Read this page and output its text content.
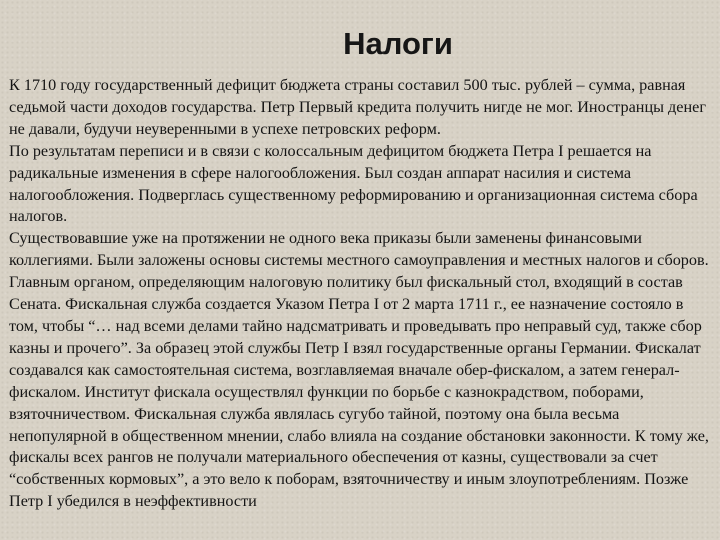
Налоги

К 1710 году государственный дефицит бюджета страны составил 500 тыс. рублей – сумма, равная седьмой части доходов государства. Петр Первый кредита получить нигде не мог. Иностранцы денег не давали, будучи неуверенными в успехе петровских реформ.

По результатам переписи и в связи с колоссальным дефицитом бюджета Петра I решается на радикальные изменения в сфере налогообложения. Был создан аппарат насилия и система налогообложения. Подверглась существенному реформированию и организационная система сбора налогов.

Существовавшие уже на протяжении не одного века приказы были заменены финансовыми коллегиями. Были заложены основы системы местного самоуправления и местных налогов и сборов. Главным органом, определяющим налоговую политику был фискальный стол, входящий в состав Сената. Фискальная служба создается Указом Петра I от 2 марта 1711 г., ее назначение состояло в том, чтобы “… над всеми делами тайно надсматривать и проведывать про неправый суд, также сбор казны и прочего”. За образец этой службы Петр I взял государственные органы Германии. Фискалат создавался как самостоятельная система, возглавляемая вначале обер-фискалом, а затем генерал-фискалом. Институт фискала осуществлял функции по борьбе с казнокрадством, поборами, взяточничеством. Фискальная служба являлась сугубо тайной, поэтому она была весьма непопулярной в общественном мнении, слабо влияла на создание обстановки законности. К тому же, фискалы всех рангов не получали материального обеспечения от казны, существовали за счет “собственных кормовых”, а это вело к поборам, взяточничеству и иным злоупотреблениям. Позже Петр I убедился в неэффективности
